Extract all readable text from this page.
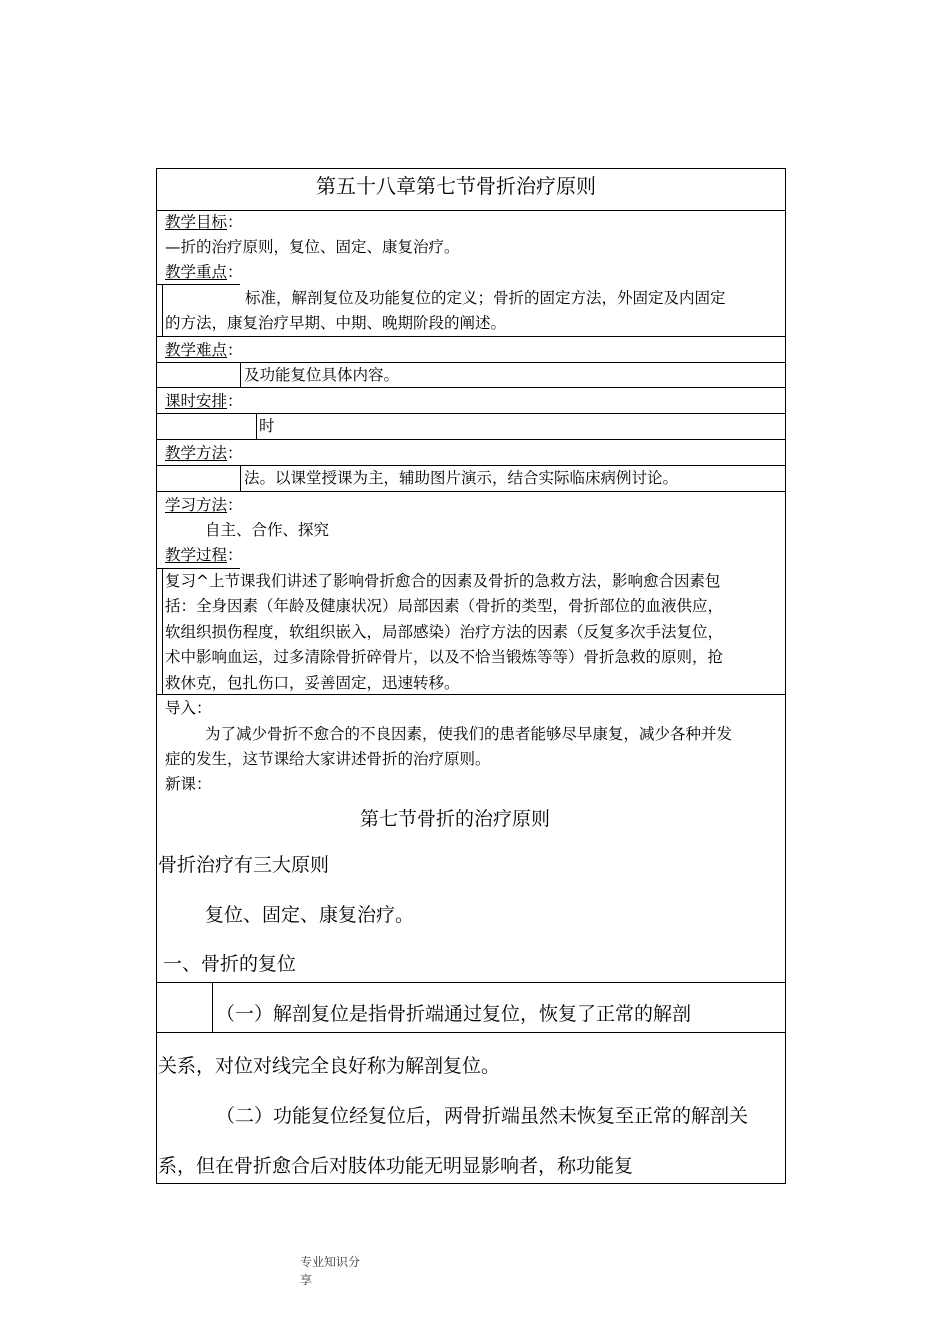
第五十八章第七节骨折治疗原则
教学目标：
—折的治疗原则，复位、固定、康复治疗。
教学重点：
标准，解剖复位及功能复位的定义；骨折的固定方法，外固定及内固定
的方法，康复治疗早期、中期、晚期阶段的阐述。
教学难点：
及功能复位具体内容。
课时安排：
时
教学方法：
法。以课堂授课为主，辅助图片演示，结合实际临床病例讨论。
学习方法：
自主、合作、探究
教学过程：
复习^上节课我们讲述了影响骨折愈合的因素及骨折的急救方法，影响愈合因素包
括：全身因素（年龄及健康状况）局部因素（骨折的类型，骨折部位的血液供应，
软组织损伤程度，软组织嵌入，局部感染）治疗方法的因素（反复多次手法复位，
术中影响血运，过多清除骨折碎骨片，以及不恰当锻炼等等）骨折急救的原则，抢
救休克，包扎伤口，妥善固定，迅速转移。
导入：
为了减少骨折不愈合的不良因素，使我们的患者能够尽早康复，减少各种并发
症的发生，这节课给大家讲述骨折的治疗原则。
新课：
第七节骨折的治疗原则
骨折治疗有三大原则
复位、固定、康复治疗。
一、骨折的复位
（一）解剖复位是指骨折端通过复位，恢复了正常的解剖
关系，对位对线完全良好称为解剖复位。
（二）功能复位经复位后，两骨折端虽然未恢复至正常的解剖关
系，但在骨折愈合后对肢体功能无明显影响者，称功能复
专业知识分
享
